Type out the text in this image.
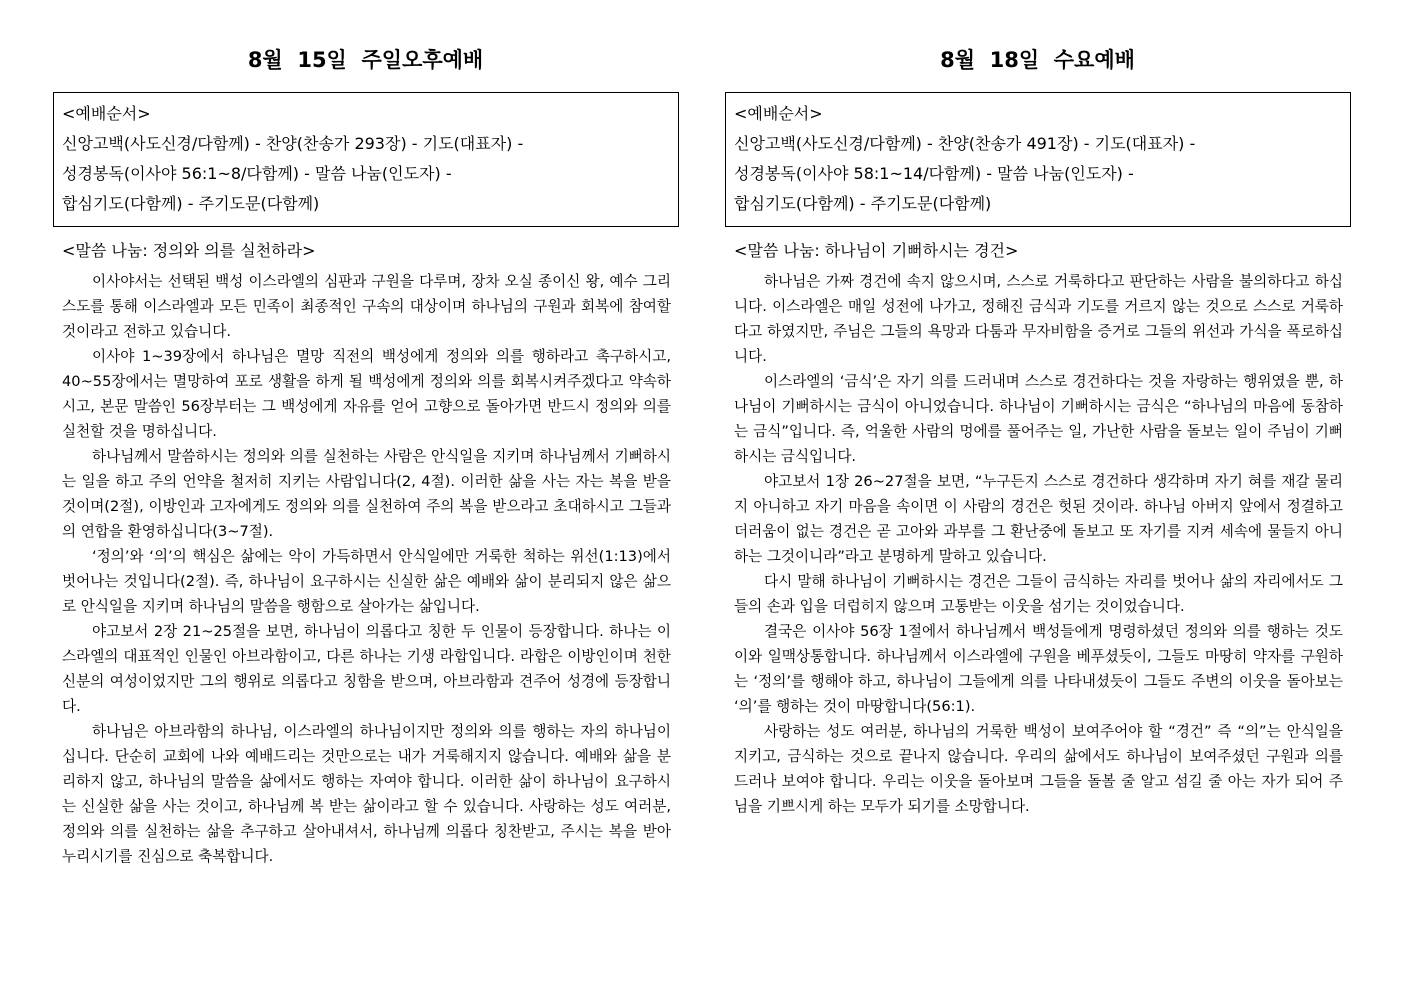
8월  15일  주일오후예배
<예배순서>
신앙고백(사도신경/다함께) - 찬양(찬송가 293장) - 기도(대표자) -
성경봉독(이사야 56:1~8/다함께) - 말씀 나눔(인도자) -
합심기도(다함께) - 주기도문(다함께)
<말씀 나눔: 정의와 의를 실천하라>

이사야서는 선택된 백성 이스라엘의 심판과 구원을 다루며, 장차 오실 종이신 왕, 예수 그리스도를 통해 이스라엘과 모든 민족이 최종적인 구속의 대상이며 하나님의 구원과 회복에 참여할 것이라고 전하고 있습니다.

이사야 1~39장에서 하나님은 멸망 직전의 백성에게 정의와 의를 행하라고 촉구하시고, 40~55장에서는 멸망하여 포로 생활을 하게 될 백성에게 정의와 의를 회복시켜주겠다고 약속하시고, 본문 말씀인 56장부터는 그 백성에게 자유를 얻어 고향으로 돌아가면 반드시 정의와 의를 실천할 것을 명하십니다.

하나님께서 말씀하시는 정의와 의를 실천하는 사람은 안식일을 지키며 하나님께서 기뻐하시는 일을 하고 주의 언약을 철저히 지키는 사람입니다(2, 4절). 이러한 삶을 사는 자는 복을 받을 것이며(2절), 이방인과 고자에게도 정의와 의를 실천하여 주의 복을 받으라고 초대하시고 그들과의 연합을 환영하십니다(3~7절).

‘정의’와 ‘의’의 핵심은 삶에는 악이 가득하면서 안식일에만 거룩한 척하는 위선(1:13)에서 벗어나는 것입니다(2절). 즉, 하나님이 요구하시는 신실한 삶은 예배와 삶이 분리되지 않은 삶으로 안식일을 지키며 하나님의 말씀을 행함으로 살아가는 삶입니다.

야고보서 2장 21~25절을 보면, 하나님이 의롭다고 칭한 두 인물이 등장합니다. 하나는 이스라엘의 대표적인 인물인 아브라함이고, 다른 하나는 기생 라합입니다. 라합은 이방인이며 천한 신분의 여성이었지만 그의 행위로 의롭다고 칭함을 받으며, 아브라함과 견주어 성경에 등장합니다.

하나님은 아브라함의 하나님, 이스라엘의 하나님이지만 정의와 의를 행하는 자의 하나님이십니다. 단순히 교회에 나와 예배드리는 것만으로는 내가 거룩해지지 않습니다. 예배와 삶을 분리하지 않고, 하나님의 말씀을 삶에서도 행하는 자여야 합니다. 이러한 삶이 하나님이 요구하시는 신실한 삶을 사는 것이고, 하나님께 복 받는 삶이라고 할 수 있습니다. 사랑하는 성도 여러분, 정의와 의를 실천하는 삶을 추구하고 살아내셔서, 하나님께 의롭다 칭찬받고, 주시는 복을 받아 누리시기를 진심으로 축복합니다.

8월  18일  수요예배
<예배순서>
신앙고백(사도신경/다함께) - 찬양(찬송가 491장) - 기도(대표자) -
성경봉독(이사야 58:1~14/다함께) - 말씀 나눔(인도자) -
합심기도(다함께) - 주기도문(다함께)
<말씀 나눔: 하나님이 기뻐하시는 경건>

하나님은 가짜 경건에 속지 않으시며, 스스로 거룩하다고 판단하는 사람을 불의하다고 하십니다. 이스라엘은 매일 성전에 나가고, 정해진 금식과 기도를 거르지 않는 것으로 스스로 거룩하다고 하였지만, 주님은 그들의 욕망과 다툼과 무자비함을 증거로 그들의 위선과 가식을 폭로하십니다.

이스라엘의 ‘금식’은 자기 의를 드러내며 스스로 경건하다는 것을 자랑하는 행위였을 뿐, 하나님이 기뻐하시는 금식이 아니었습니다. 하나님이 기뻐하시는 금식은 “하나님의 마음에 동참하는 금식”입니다. 즉, 억울한 사람의 멍에를 풀어주는 일, 가난한 사람을 돌보는 일이 주님이 기뻐하시는 금식입니다.

야고보서 1장 26~27절을 보면, “누구든지 스스로 경건하다 생각하며 자기 혀를 재갈 물리지 아니하고 자기 마음을 속이면 이 사람의 경건은 헛된 것이라. 하나님 아버지 앞에서 정결하고 더러움이 없는 경건은 곧 고아와 과부를 그 환난중에 돌보고 또 자기를 지켜 세속에 물들지 아니하는 그것이니라”라고 분명하게 말하고 있습니다.

다시 말해 하나님이 기뻐하시는 경건은 그들이 금식하는 자리를 벗어나 삶의 자리에서도 그들의 손과 입을 더럽히지 않으며 고통받는 이웃을 섬기는 것이었습니다.

결국은 이사야 56장 1절에서 하나님께서 백성들에게 명령하셨던 정의와 의를 행하는 것도 이와 일맥상통합니다. 하나님께서 이스라엘에 구원을 베푸셨듯이, 그들도 마땅히 약자를 구원하는 ‘정의’를 행해야 하고, 하나님이 그들에게 의를 나타내셨듯이 그들도 주변의 이웃을 돌아보는 ‘의’를 행하는 것이 마땅합니다(56:1).

사랑하는 성도 여러분, 하나님의 거룩한 백성이 보여주어야 할 “경건” 즉 “의”는 안식일을 지키고, 금식하는 것으로 끝나지 않습니다. 우리의 삶에서도 하나님이 보여주셨던 구원과 의를 드러나 보여야 합니다. 우리는 이웃을 돌아보며 그들을 돌볼 줄 알고 섬길 줄 아는 자가 되어 주님을 기쁘시게 하는 모두가 되기를 소망합니다.
